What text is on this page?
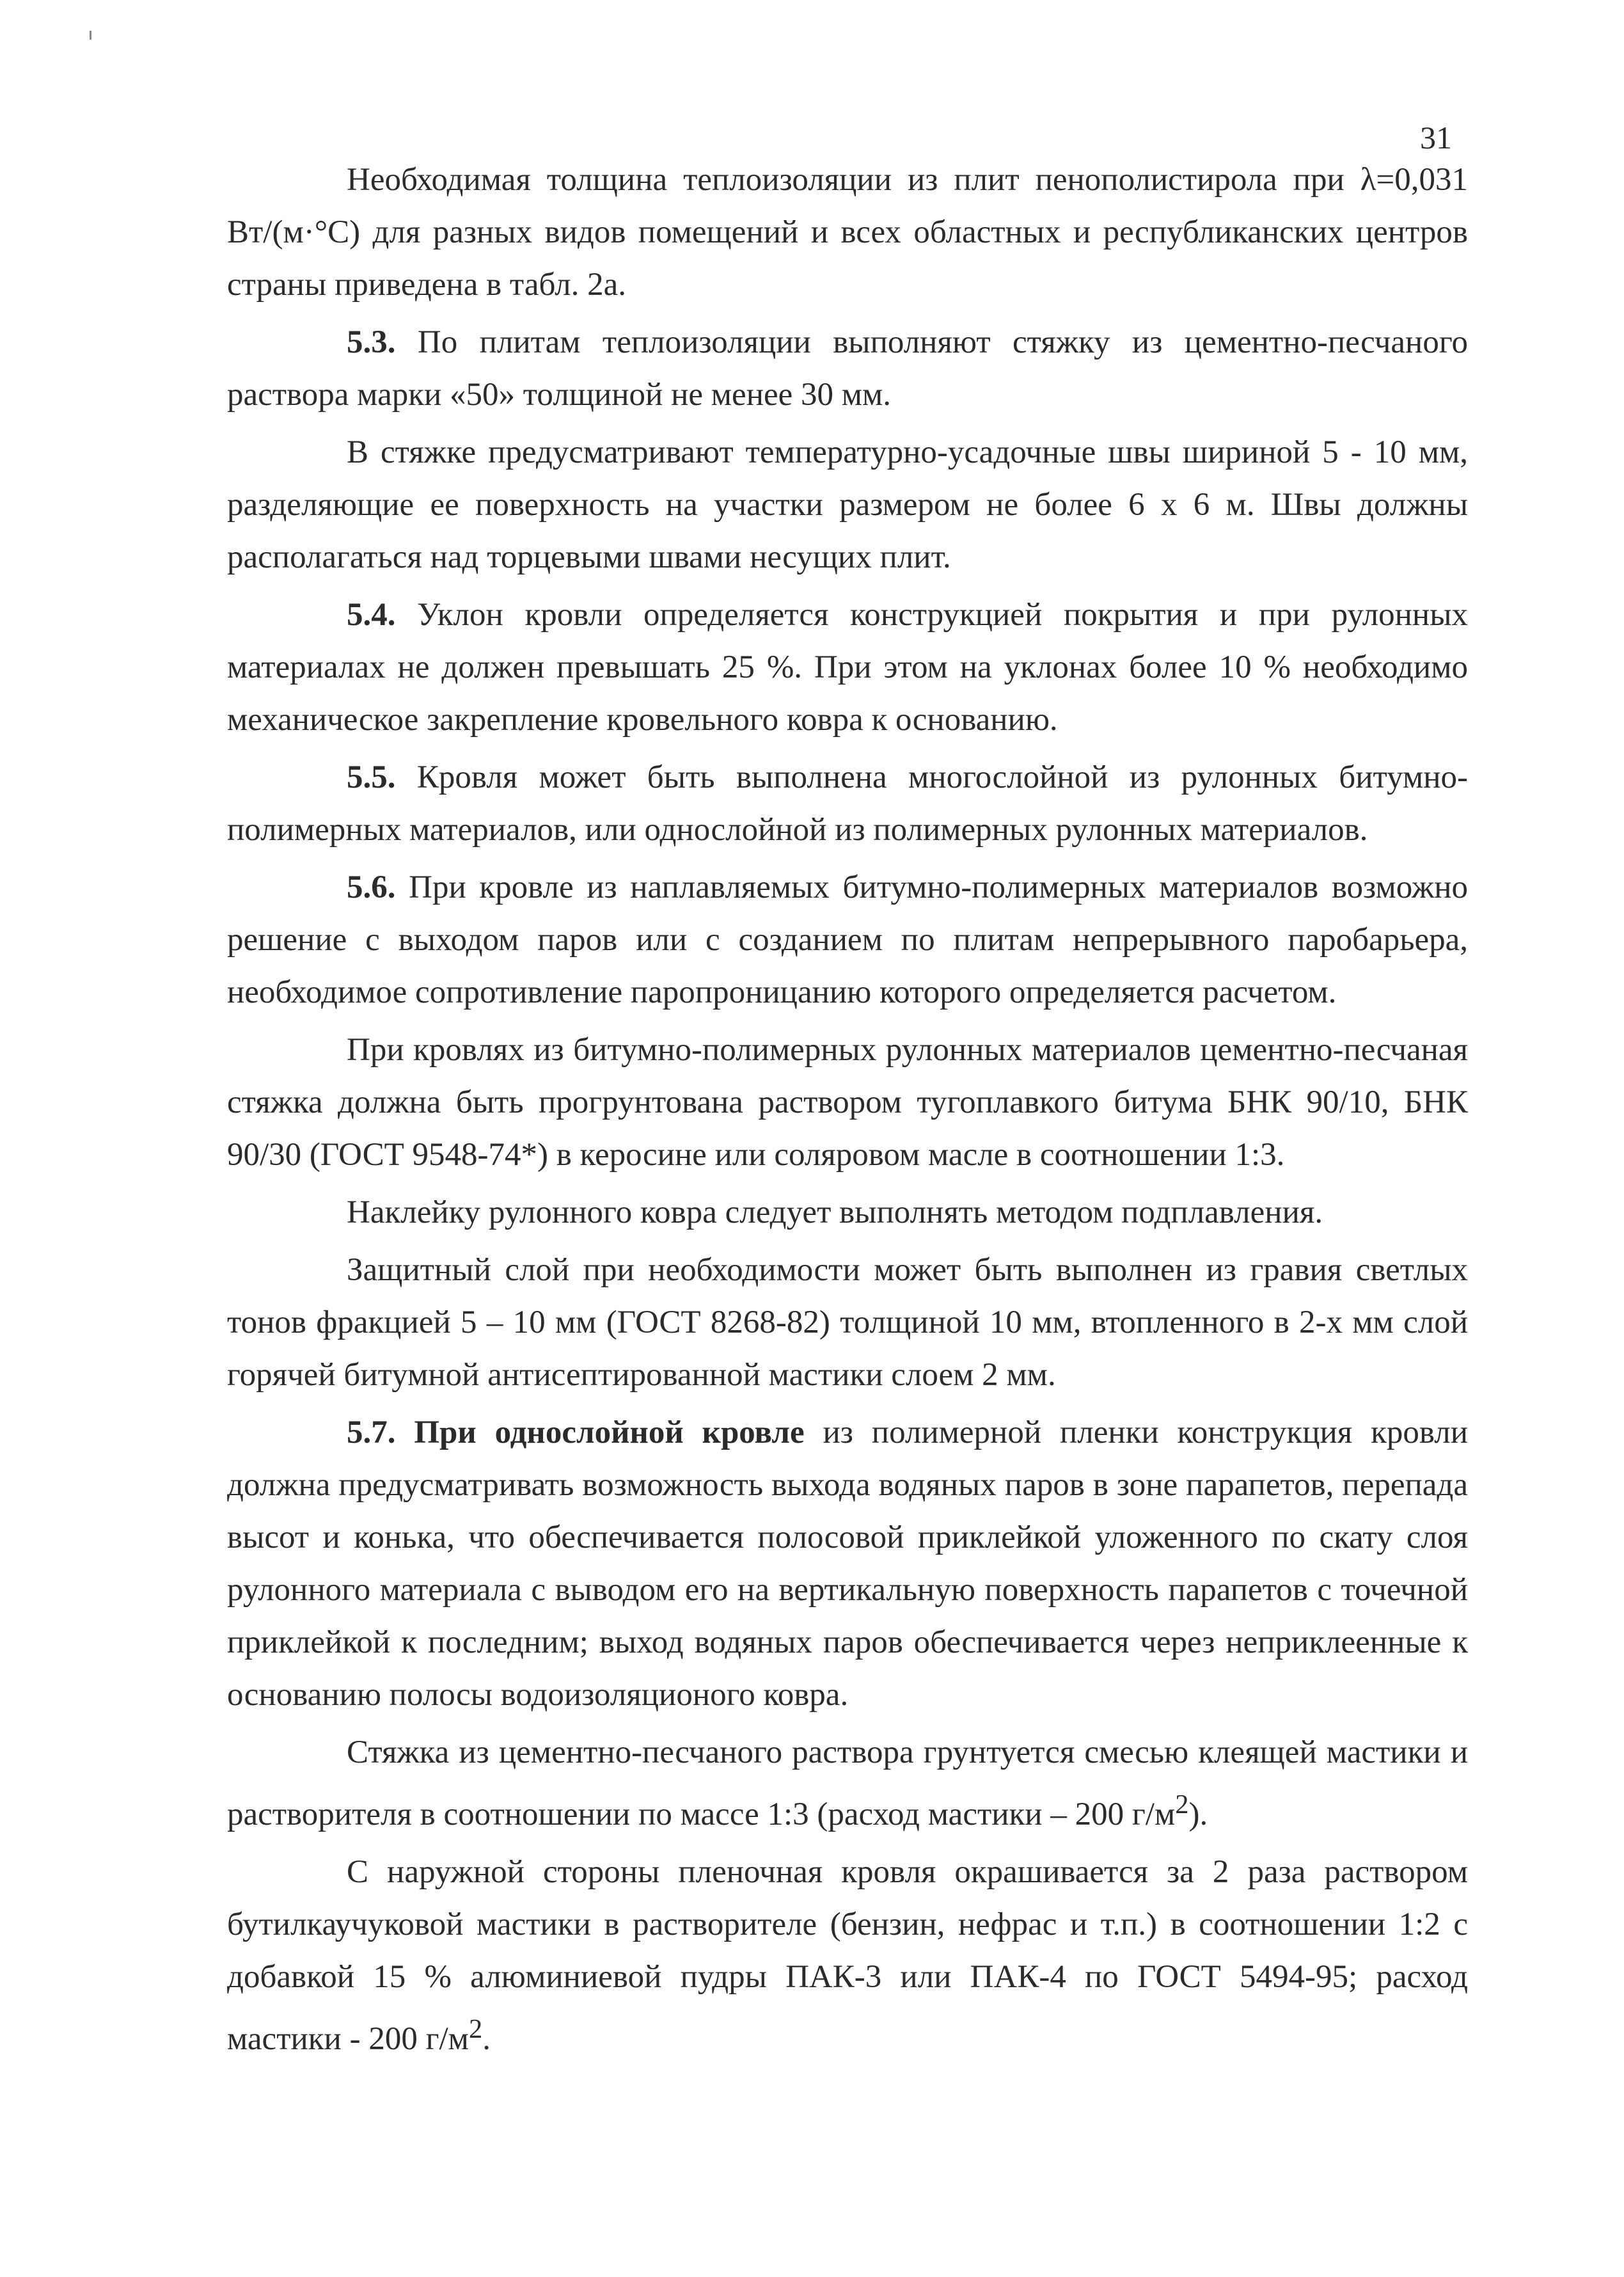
31

Необходимая толщина теплоизоляции из плит пенополистирола при λ=0,031 Вт/(м·°С) для разных видов помещений и всех областных и республиканских центров страны приведена в табл. 2а.

5.3. По плитам теплоизоляции выполняют стяжку из цементно-песчаного раствора марки «50» толщиной не менее 30 мм.

В стяжке предусматривают температурно-усадочные швы шириной 5 - 10 мм, разделяющие ее поверхность на участки размером не более 6 х 6 м. Швы должны располагаться над торцевыми швами несущих плит.

5.4. Уклон кровли определяется конструкцией покрытия и при рулонных материалах не должен превышать 25 %. При этом на уклонах более 10 % необходимо механическое закрепление кровельного ковра к основанию.

5.5. Кровля может быть выполнена многослойной из рулонных битумно-полимерных материалов, или однослойной из полимерных рулонных материалов.

5.6. При кровле из наплавляемых битумно-полимерных материалов возможно решение с выходом паров или с созданием по плитам непрерывного паробарьера, необходимое сопротивление паропроницанию которого определяется расчетом.

При кровлях из битумно-полимерных рулонных материалов цементно-песчаная стяжка должна быть прогрунтована раствором тугоплавкого битума БНК 90/10, БНК 90/30 (ГОСТ 9548-74*) в керосине или соляровом масле в соотношении 1:3.

Наклейку рулонного ковра следует выполнять методом подплавления.

Защитный слой при необходимости может быть выполнен из гравия светлых тонов фракцией 5 – 10 мм (ГОСТ 8268-82) толщиной 10 мм, втопленного в 2-х мм слой горячей битумной антисептированной мастики слоем 2 мм.

5.7. При однослойной кровле из полимерной пленки конструкция кровли должна предусматривать возможность выхода водяных паров в зоне парапетов, перепада высот и конька, что обеспечивается полосовой приклейкой уложенного по скату слоя рулонного материала с выводом его на вертикальную поверхность парапетов с точечной приклейкой к последним; выход водяных паров обеспечивается через неприклеенные к основанию полосы водоизоляционого ковра.

Стяжка из цементно-песчаного раствора грунтуется смесью клеящей мастики и растворителя в соотношении по массе 1:3 (расход мастики – 200 $г/м^2$).

С наружной стороны пленочная кровля окрашивается за 2 раза раствором бутилкаучуковой мастики в растворителе (бензин, нефрас и т.п.) в соотношении 1:2 с добавкой 15 % алюминиевой пудры ПАК-3 или ПАК-4 по ГОСТ 5494-95; расход мастики - 200 $г/м^2$.
